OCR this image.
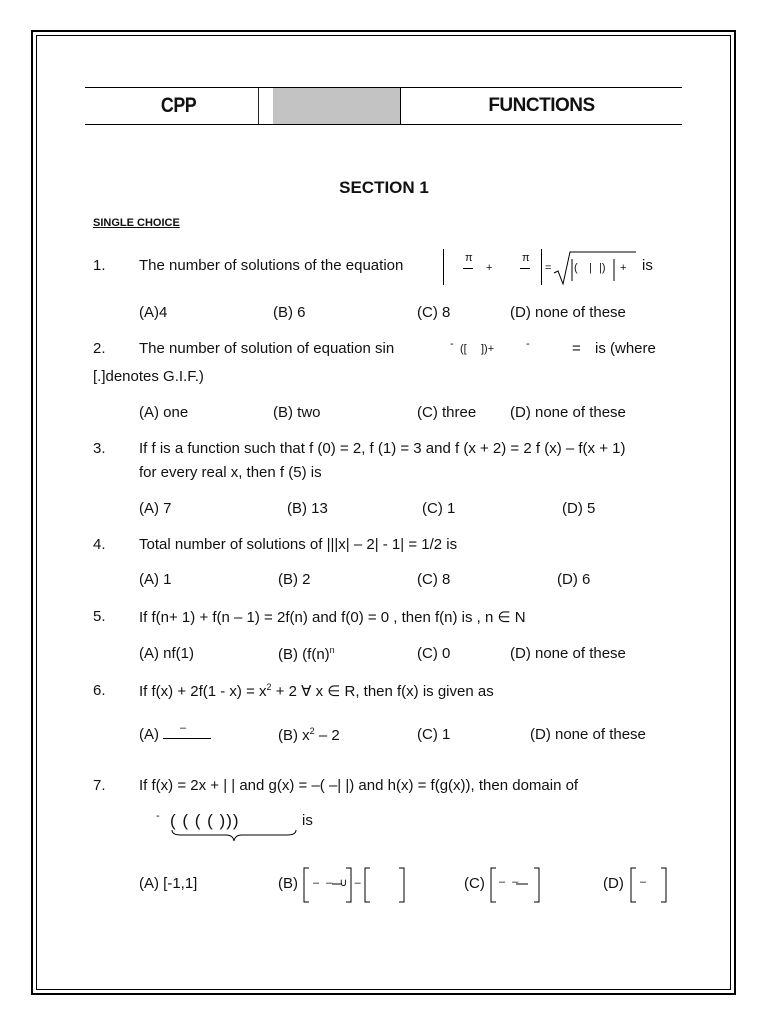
CPP	FUNCTIONS
SECTION 1
SINGLE CHOICE
1. The number of solutions of the equation	π
+
π
= ( | |) + is
(A)4	(B) 6	(C) 8	(D) none of these
2. The number of solution of equation sin	- ([ ])+	-	= is (where
[.]denotes G.I.F.)
(A) one	(B) two	(C) three (D) none of these
3. If f is a function such that f (0) = 2, f (1) = 3 and f (x + 2) = 2 f (x) – f(x + 1)
for every real x, then f (5) is
(A) 7	(B) 13	(C) 1	(D) 5
4. Total number of solutions of |||x| – 2| - 1| = 1/2 is
(A) 1	(B) 2	(C) 8	(D) 6
5. If f(n+ 1) + f(n – 1) = 2f(n) and f(0) = 0 , then f(n) is , n ∈ N
(A) nf(1)	(B) ($f(n)^n$	(C) 0	(D) none of these
6. If $f(x) + 2f(1 - x) = x^2 + 2$ ∀ x ∈ R, then f(x) is given as
(A) –	(B) $x^2 - 2$	(C) 1	(D) none of these
7. If f(x) = 2x + | | and g(x) = –( –| |) and h(x) = f(g(x)), then domain of
- ( ( ( ( )))	is
(A) [-1,1]	(B) – – ∪ –	(C) – –	(D) –
